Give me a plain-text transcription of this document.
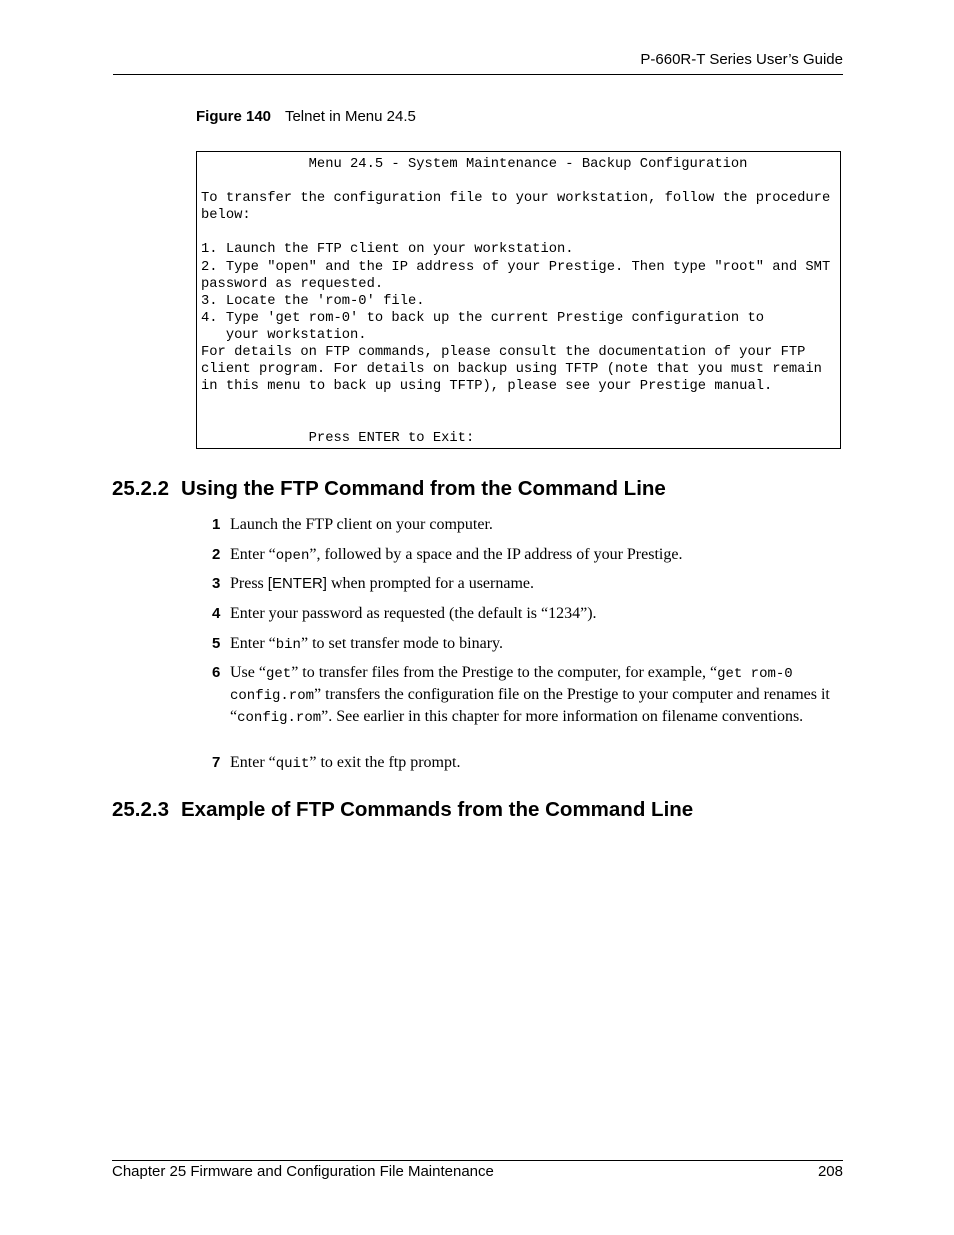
P-660R-T Series User’s Guide
Figure 140 Telnet in Menu 24.5
Menu 24.5 - System Maintenance - Backup Configuration
To transfer the configuration file to your workstation, follow the procedure
below:
1. Launch the FTP client on your workstation.
2. Type "open" and the IP address of your Prestige. Then type "root" and SMT
password as requested.
3. Locate the 'rom-0' file.
4. Type 'get rom-0' to back up the current Prestige configuration to
your workstation.
For details on FTP commands, please consult the documentation of your FTP
client program. For details on backup using TFTP (note that you must remain
in this menu to back up using TFTP), please see your Prestige manual.
Press ENTER to Exit:
25.2.2 Using the FTP Command from the Command Line
1 Launch the FTP client on your computer.
2 Enter “open”, followed by a space and the IP address of your Prestige.
3 Press [ENTER] when prompted for a username.
4 Enter your password as requested (the default is “1234”).
5 Enter “bin” to set transfer mode to binary.
6 Use “get” to transfer files from the Prestige to the computer, for example, “get rom-0 config.rom” transfers the configuration file on the Prestige to your computer and renames it “config.rom”. See earlier in this chapter for more information on filename conventions.
7 Enter “quit” to exit the ftp prompt.
25.2.3 Example of FTP Commands from the Command Line
Chapter 25 Firmware and Configuration File Maintenance	208
